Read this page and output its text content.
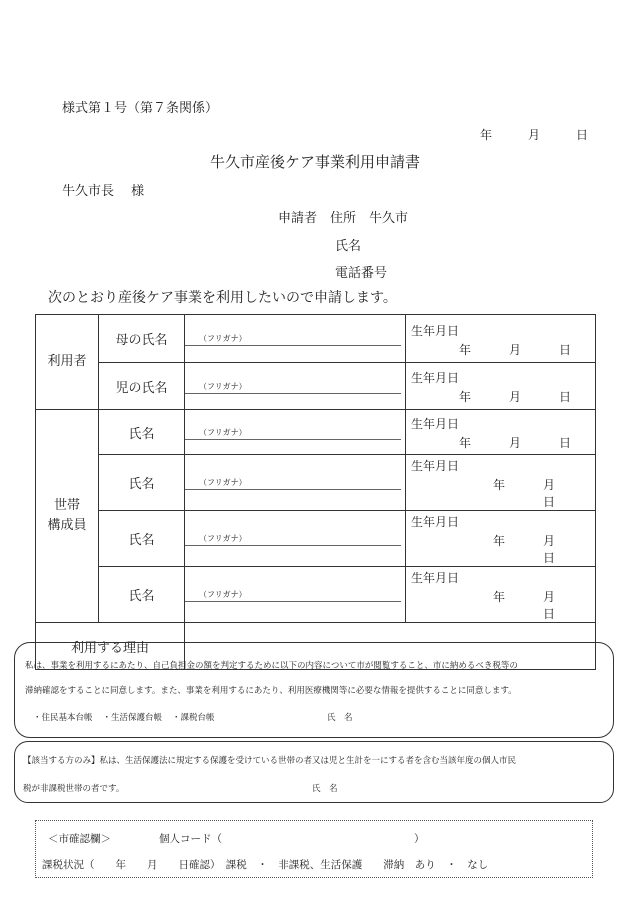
様式第１号（第７条関係）
年　　　月　　　日
牛久市産後ケア事業利用申請書
牛久市長　 様
申請者　住所　牛久市
氏名
電話番号
次のとおり産後ケア事業を利用したいので申請します。
利用者	母の氏名	（フリガナ）	生年月日
年 月 日

	児の氏名	（フリガナ）	生年月日
年 月 日

世帯
構成員	氏名	（フリガナ）	生年月日
年 月 日

	氏名	（フリガナ）	生年月日
年 月日

	氏名	（フリガナ）	生年月日
年 月日

	氏名	（フリガナ）	生年月日
年 月日

利用する理由			
私は、事業を利用するにあたり、自己負担金の額を判定するために以下の内容について市が閲覧すること、市に納めるべき税等の
滞納確認をすることに同意します。また、事業を利用するにあたり、利用医療機関等に必要な情報を提供することに同意します。
・住民基本台帳 ・生活保護台帳 ・課税台帳	氏　名
【該当する方のみ】私は、生活保護法に規定する保護を受けている世帯の者又は児と生計を一にする者を含む当該年度の個人市民
税が非課税世帯の者です。	氏　名
＜市確認欄＞	個人コード（	）
課税状況（　　年　　月　　日確認）　課税　・　非課税、生活保護　　滞納　あり　・　なし
